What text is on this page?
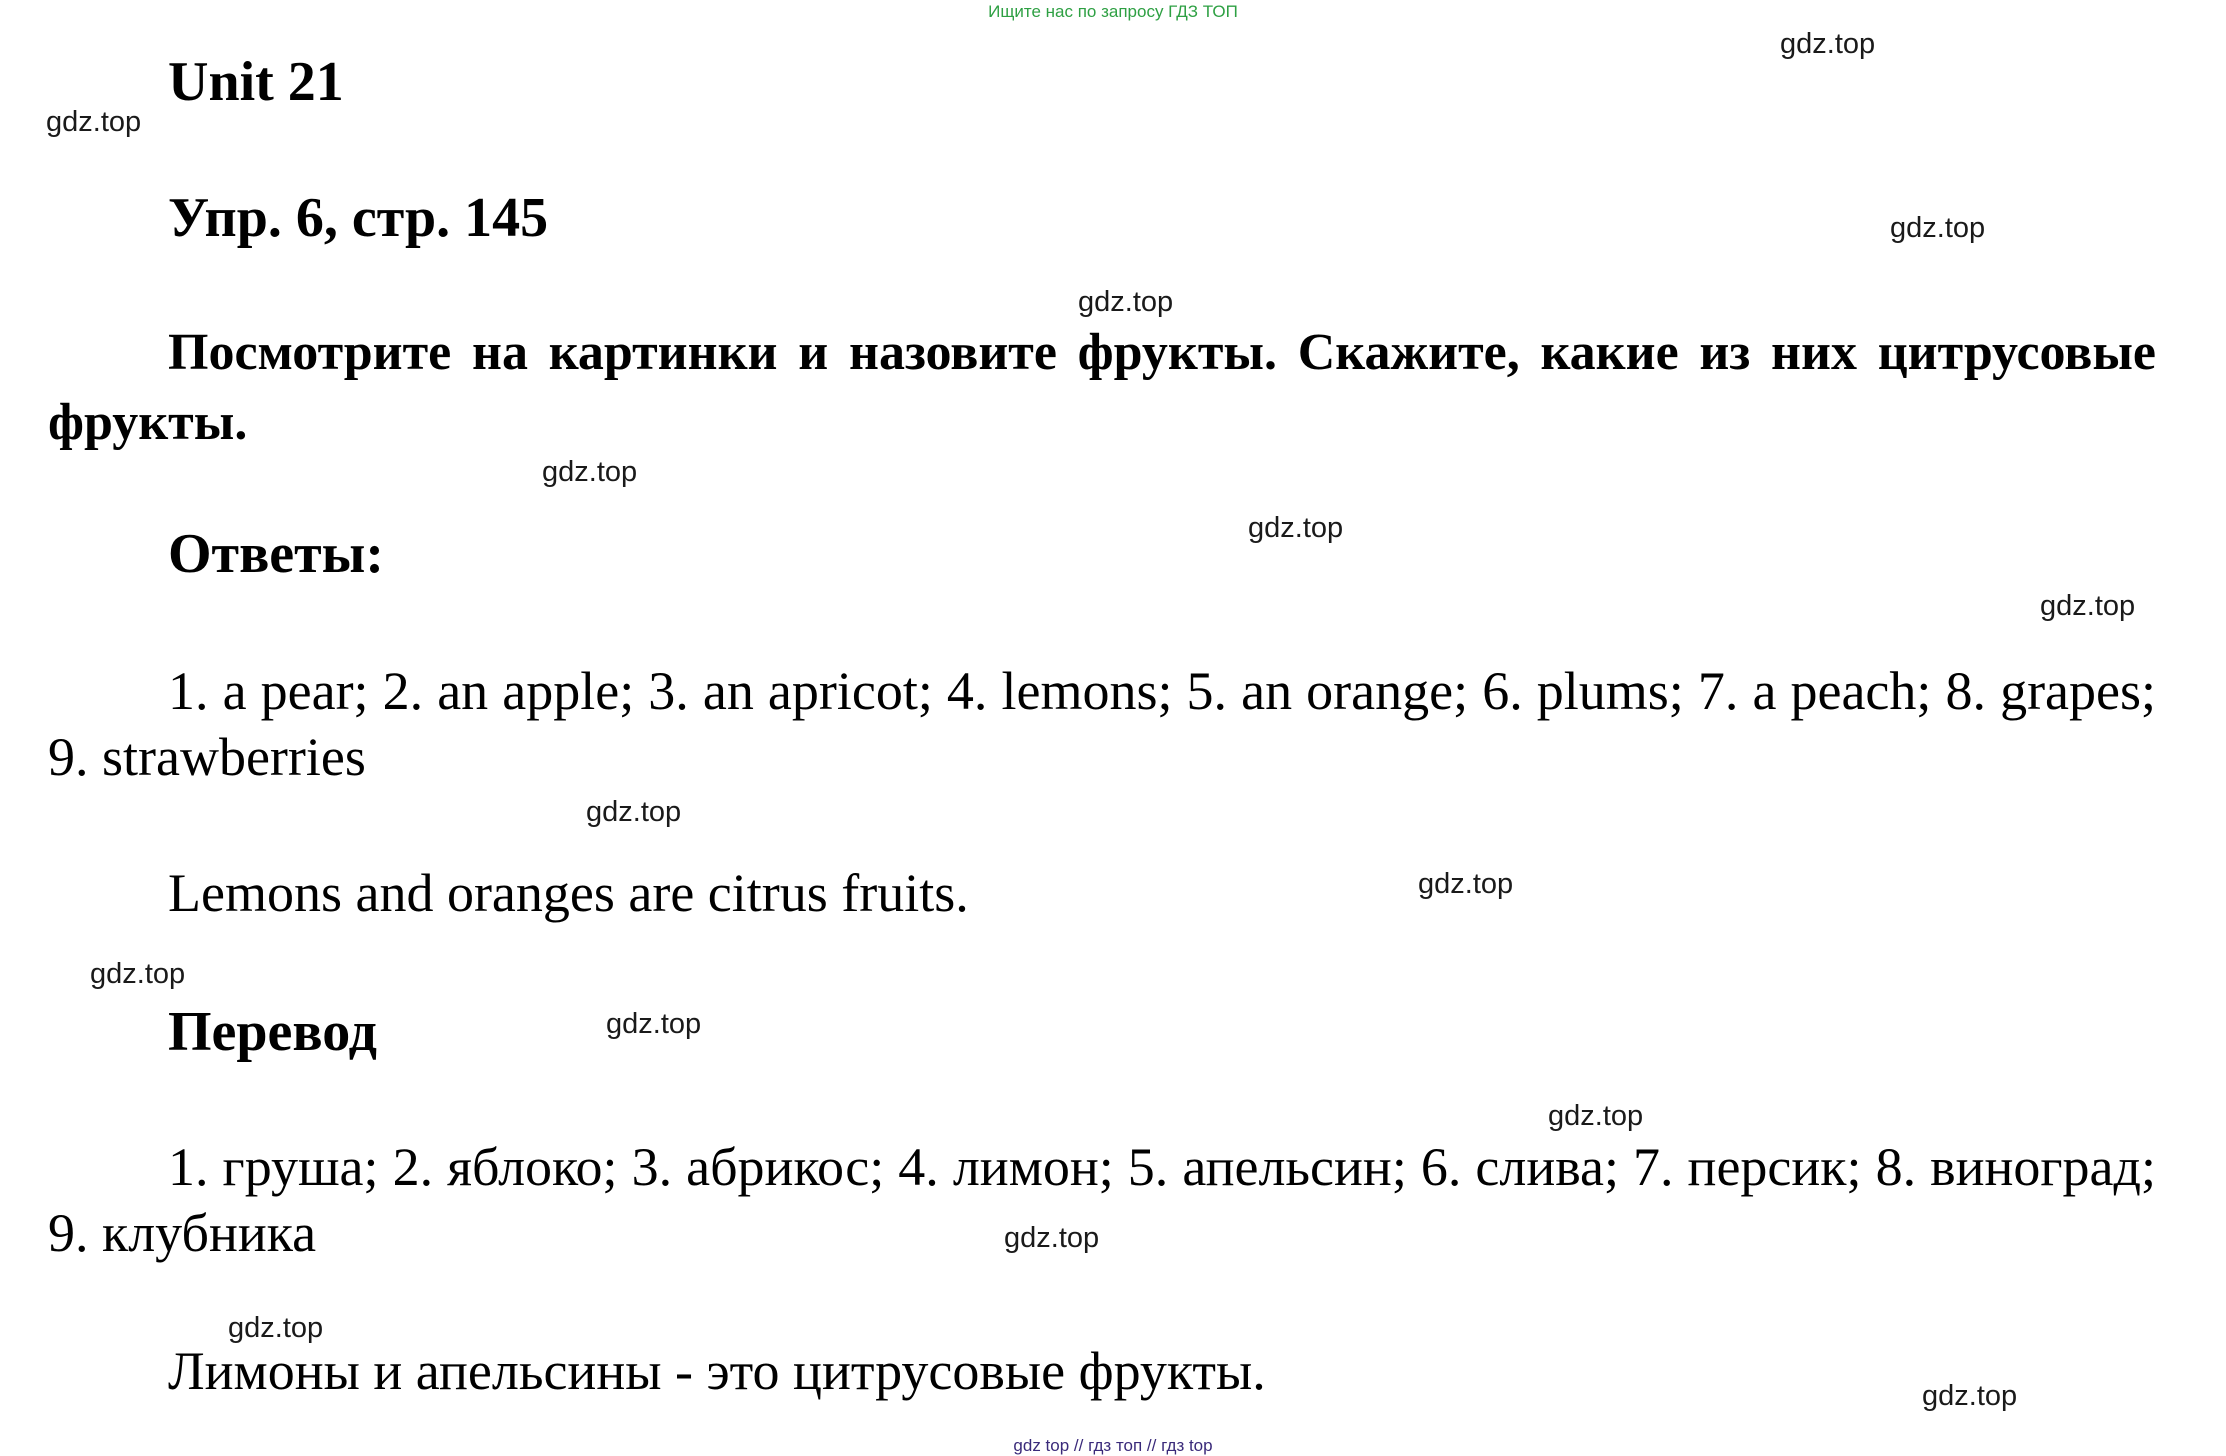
Ищите нас по запросу ГДЗ ТОП
Unit 21
Упр. 6, стр. 145
Посмотрите на картинки и назовите фрукты. Скажите, какие из них цитрусовые фрукты.
Ответы:
1. a pear; 2. an apple; 3. an apricot; 4. lemons; 5. an orange; 6. plums; 7. a peach; 8. grapes; 9. strawberries
Lemons and oranges are citrus fruits.
Перевод
1. груша; 2. яблоко; 3. абрикос; 4. лимон; 5. апельсин; 6. слива; 7. персик; 8. виноград; 9. клубника
Лимоны и апельсины - это цитрусовые фрукты.
gdz.top
gdz.top
gdz.top
gdz.top
gdz.top
gdz.top
gdz.top
gdz.top
gdz.top
gdz.top
gdz.top
gdz.top
gdz.top
gdz.top
gdz.top
gdz top // гдз топ // гдз top
